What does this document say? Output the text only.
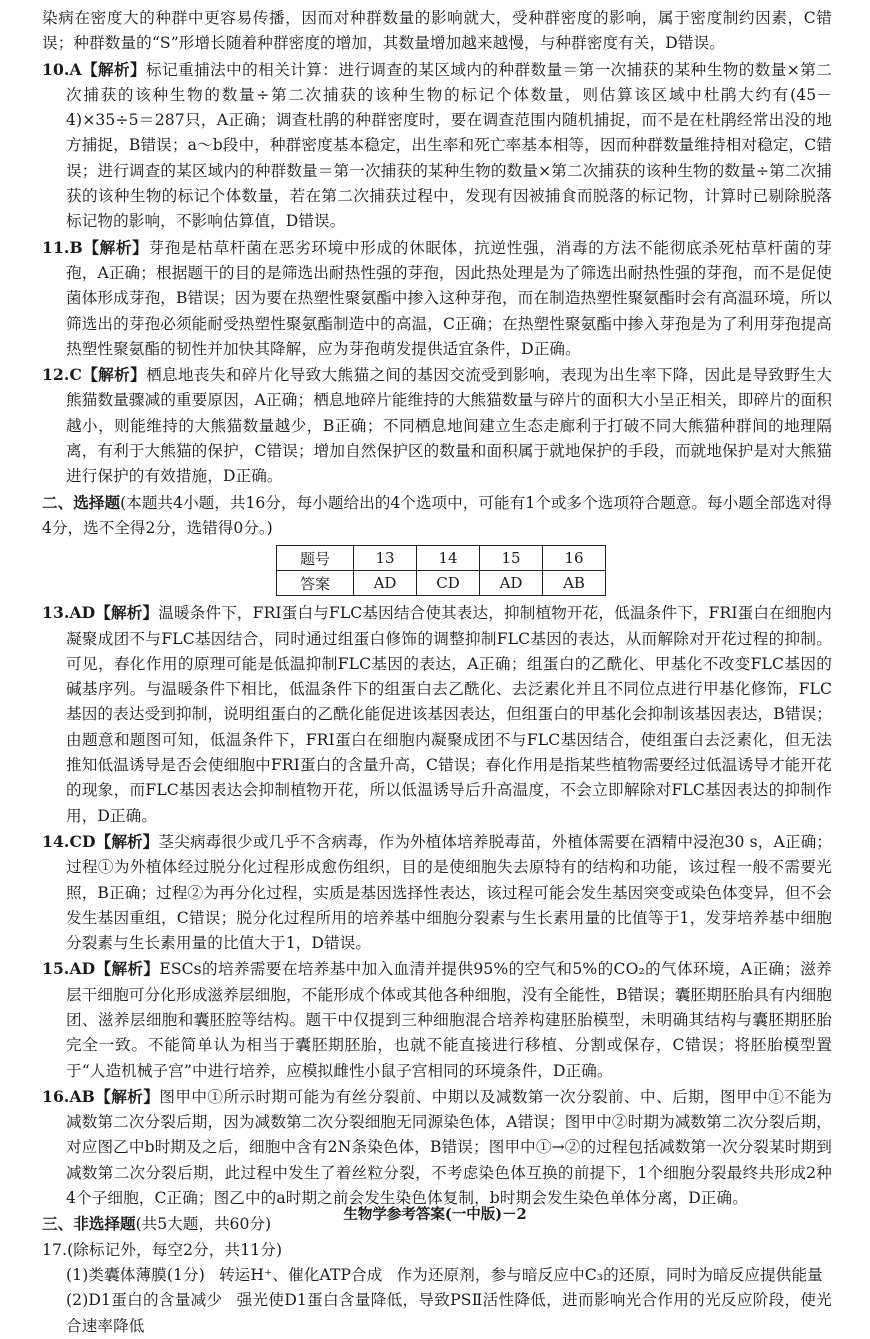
染病在密度大的种群中更容易传播，因而对种群数量的影响就大，受种群密度的影响，属于密度制约因素，C错误；种群数量的“S”形增长随着种群密度的增加，其数量增加越来越慢，与种群密度有关，D错误。

10.A【解析】标记重捕法中的相关计算：进行调查的某区域内的种群数量＝第一次捕获的某种生物的数量×第二次捕获的该种生物的数量÷第二次捕获的该种生物的标记个体数量，则估算该区域中杜鹃大约有(45－4)×35÷5＝287只，A正确；调查杜鹃的种群密度时，要在调查范围内随机捕捉，而不是在杜鹃经常出没的地方捕捉，B错误；a～b段中，种群密度基本稳定，出生率和死亡率基本相等，因而种群数量维持相对稳定，C错误；进行调查的某区域内的种群数量＝第一次捕获的某种生物的数量×第二次捕获的该种生物的数量÷第二次捕获的该种生物的标记个体数量，若在第二次捕获过程中，发现有因被捕食而脱落的标记物，计算时已剔除脱落标记物的影响，不影响估算值，D错误。

11.B【解析】芽孢是枯草杆菌在恶劣环境中形成的休眠体，抗逆性强，消毒的方法不能彻底杀死枯草杆菌的芽孢，A正确；根据题干的目的是筛选出耐热性强的芽孢，因此热处理是为了筛选出耐热性强的芽孢，而不是促使菌体形成芽孢，B错误；因为要在热塑性聚氨酯中掺入这种芽孢，而在制造热塑性聚氨酯时会有高温环境，所以筛选出的芽孢必须能耐受热塑性聚氨酯制造中的高温，C正确；在热塑性聚氨酯中掺入芽孢是为了利用芽孢提高热塑性聚氨酯的韧性并加快其降解，应为芽孢萌发提供适宜条件，D正确。

12.C【解析】栖息地丧失和碎片化导致大熊猫之间的基因交流受到影响，表现为出生率下降，因此是导致野生大熊猫数量骤减的重要原因，A正确；栖息地碎片能维持的大熊猫数量与碎片的面积大小呈正相关，即碎片的面积越小，则能维持的大熊猫数量越少，B正确；不同栖息地间建立生态走廊利于打破不同大熊猫种群间的地理隔离，有利于大熊猫的保护，C错误；增加自然保护区的数量和面积属于就地保护的手段，而就地保护是对大熊猫进行保护的有效措施，D正确。

二、选择题(本题共4小题，共16分，每小题给出的4个选项中，可能有1个或多个选项符合题意。每小题全部选对得4分，选不全得2分，选错得0分。)

题号	13	14	15	16
答案	AD	CD	AD	AB

13.AD【解析】温暖条件下，FRI蛋白与FLC基因结合使其表达，抑制植物开花，低温条件下，FRI蛋白在细胞内凝聚成团不与FLC基因结合，同时通过组蛋白修饰的调整抑制FLC基因的表达，从而解除对开花过程的抑制。可见，春化作用的原理可能是低温抑制FLC基因的表达，A正确；组蛋白的乙酰化、甲基化不改变FLC基因的碱基序列。与温暖条件下相比，低温条件下的组蛋白去乙酰化、去泛素化并且不同位点进行甲基化修饰，FLC基因的表达受到抑制，说明组蛋白的乙酰化能促进该基因表达，但组蛋白的甲基化会抑制该基因表达，B错误；由题意和题图可知，低温条件下，FRI蛋白在细胞内凝聚成团不与FLC基因结合，使组蛋白去泛素化，但无法推知低温诱导是否会使细胞中FRI蛋白的含量升高，C错误；春化作用是指某些植物需要经过低温诱导才能开花的现象，而FLC基因表达会抑制植物开花，所以低温诱导后升高温度，不会立即解除对FLC基因表达的抑制作用，D正确。

14.CD【解析】茎尖病毒很少或几乎不含病毒，作为外植体培养脱毒苗，外植体需要在酒精中浸泡30 s，A正确；过程①为外植体经过脱分化过程形成愈伤组织，目的是使细胞失去原特有的结构和功能，该过程一般不需要光照，B正确；过程②为再分化过程，实质是基因选择性表达，该过程可能会发生基因突变或染色体变异，但不会发生基因重组，C错误；脱分化过程所用的培养基中细胞分裂素与生长素用量的比值等于1，发芽培养基中细胞分裂素与生长素用量的比值大于1，D错误。

15.AD【解析】ESCs的培养需要在培养基中加入血清并提供95%的空气和5%的CO₂的气体环境，A正确；滋养层干细胞可分化形成滋养层细胞，不能形成个体或其他各种细胞，没有全能性，B错误；囊胚期胚胎具有内细胞团、滋养层细胞和囊胚腔等结构。题干中仅提到三种细胞混合培养构建胚胎模型，未明确其结构与囊胚期胚胎完全一致。不能简单认为相当于囊胚期胚胎，也就不能直接进行移植、分割或保存，C错误；将胚胎模型置于“人造机械子宫”中进行培养，应模拟雌性小鼠子宫相同的环境条件，D正确。

16.AB【解析】图甲中①所示时期可能为有丝分裂前、中期以及减数第一次分裂前、中、后期，图甲中①不能为减数第二次分裂后期，因为减数第二次分裂细胞无同源染色体，A错误；图甲中②时期为减数第二次分裂后期，对应图乙中b时期及之后，细胞中含有2N条染色体，B错误；图甲中①→②的过程包括减数第一次分裂某时期到减数第二次分裂后期，此过程中发生了着丝粒分裂，不考虑染色体互换的前提下，1个细胞分裂最终共形成2种4个子细胞，C正确；图乙中的a时期之前会发生染色体复制，b时期会发生染色单体分离，D正确。

三、非选择题(共5大题，共60分)

17.(除标记外，每空2分，共11分)

(1)类囊体薄膜(1分) 转运H⁺、催化ATP合成 作为还原剂，参与暗反应中C₃的还原，同时为暗反应提供能量

(2)D1蛋白的含量减少 强光使D1蛋白含量降低，导致PSⅡ活性降低，进而影响光合作用的光反应阶段，使光合速率降低

生物学参考答案(一中版)－2
